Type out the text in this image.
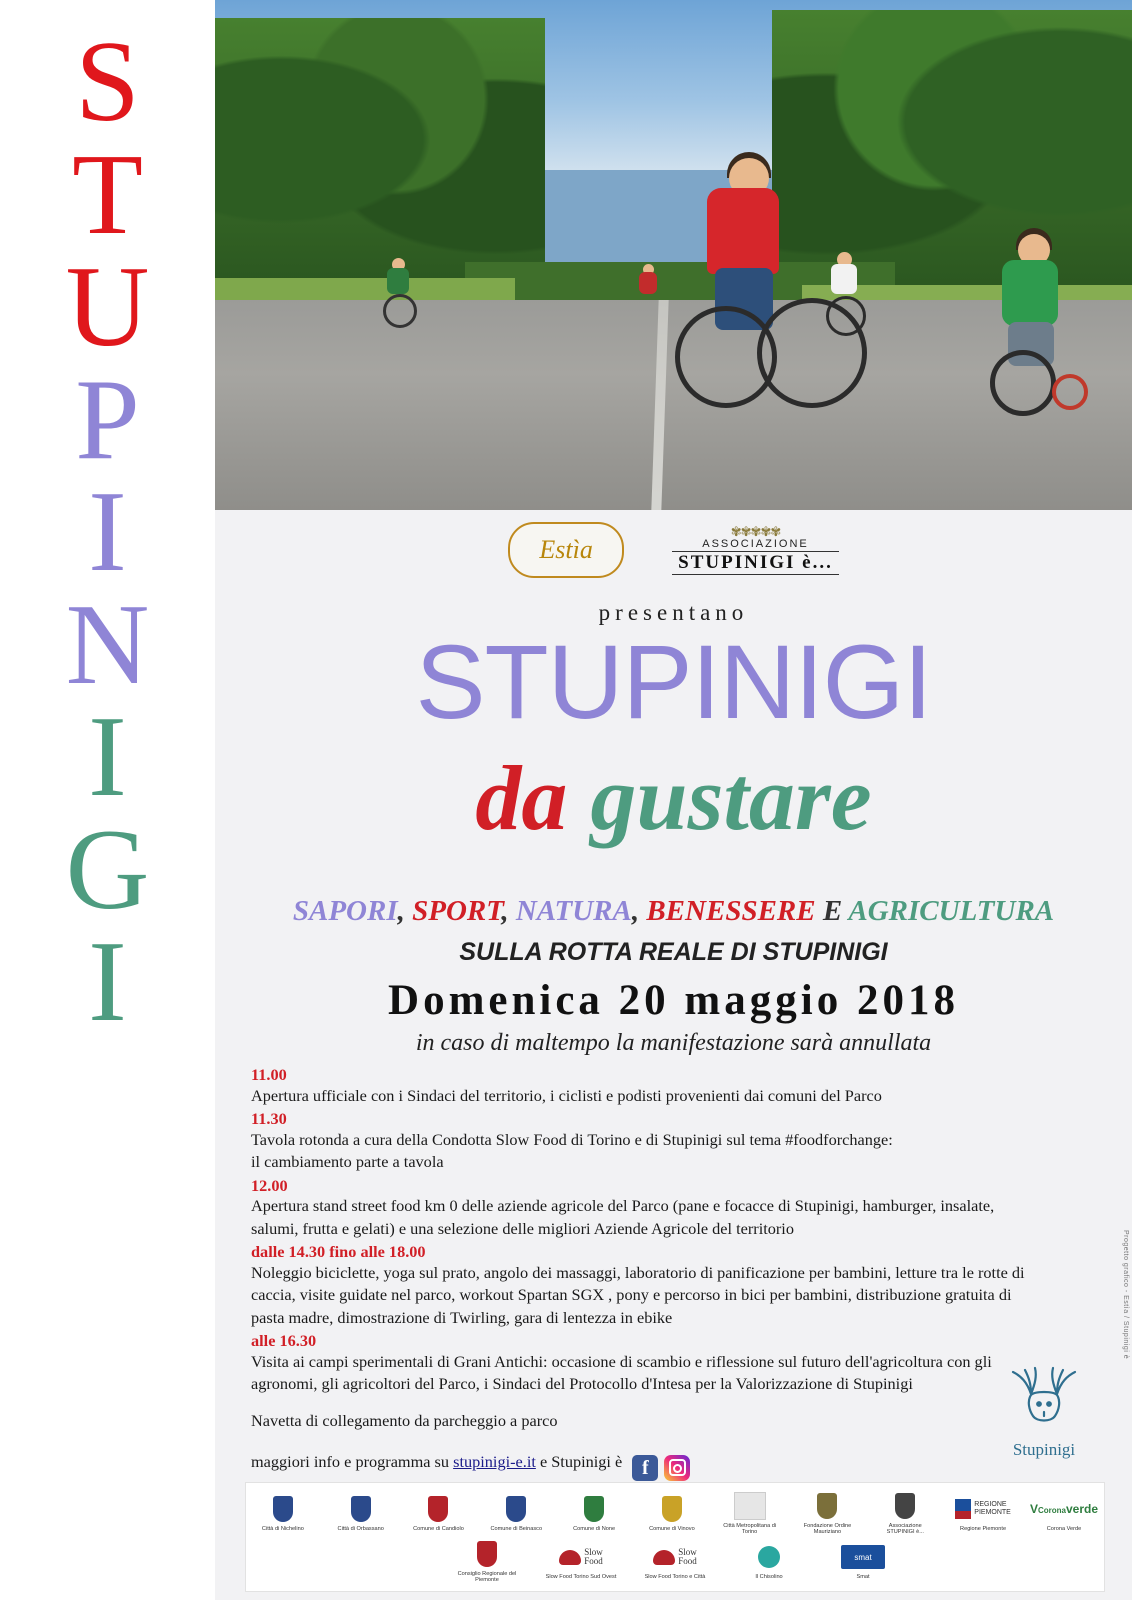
S
T
U
P
I
N
I
G
I
Estìa
✾✾✾✾✾
ASSOCIAZIONE
STUPINIGI è...
presentano
STUPINIGI
da gustare
SAPORI, SPORT, NATURA, BENESSERE E AGRICULTURA
SULLA ROTTA REALE DI STUPINIGI
Domenica 20 maggio 2018
in caso di maltempo la manifestazione sarà annullata
11.00
Apertura ufficiale con i Sindaci del territorio, i ciclisti e podisti provenienti dai comuni del Parco
11.30
Tavola rotonda a cura della Condotta Slow Food di Torino e di Stupinigi sul tema #foodforchange:
il cambiamento parte a tavola
12.00
Apertura stand street food km 0 delle aziende agricole del Parco (pane e focacce di Stupinigi, hamburger, insalate,
salumi, frutta e gelati) e una selezione delle migliori Aziende Agricole del territorio
dalle 14.30 fino alle 18.00
Noleggio biciclette, yoga sul prato, angolo dei massaggi, laboratorio di panificazione per bambini, letture tra le rotte di
caccia, visite guidate nel parco, workout Spartan SGX , pony e percorso in bici per bambini, distribuzione gratuita di
pasta madre, dimostrazione di Twirling, gara di lentezza in ebike
alle 16.30
Visita ai campi sperimentali di Grani Antichi: occasione di scambio e riflessione sul futuro dell'agricoltura con gli
agronomi, gli agricoltori del Parco, i Sindaci del Protocollo d'Intesa per la Valorizzazione di Stupinigi
Navetta di collegamento da parcheggio a parco
maggiori info e programma su stupinigi-e.it e Stupinigi è f
Stupinigi
Progetto grafico - Estìa / Stupinigi è
Città di Nichelino	Città di Orbassano	Comune di Candiolo	Comune di Beinasco	Comune di None	Comune di Vinovo
Città Metropolitana di Torino
Fondazione Ordine Mauriziano
Associazione STUPINIGI è...
REGIONE
PIEMONTE
Regione Piemonte
VCoronaverde
Corona Verde
Consiglio Regionale del Piemonte
Slow
Food
Slow Food Torino Sud Ovest
Slow
Food
Slow Food Torino e Città	Il Chisolino
smat
Smat
